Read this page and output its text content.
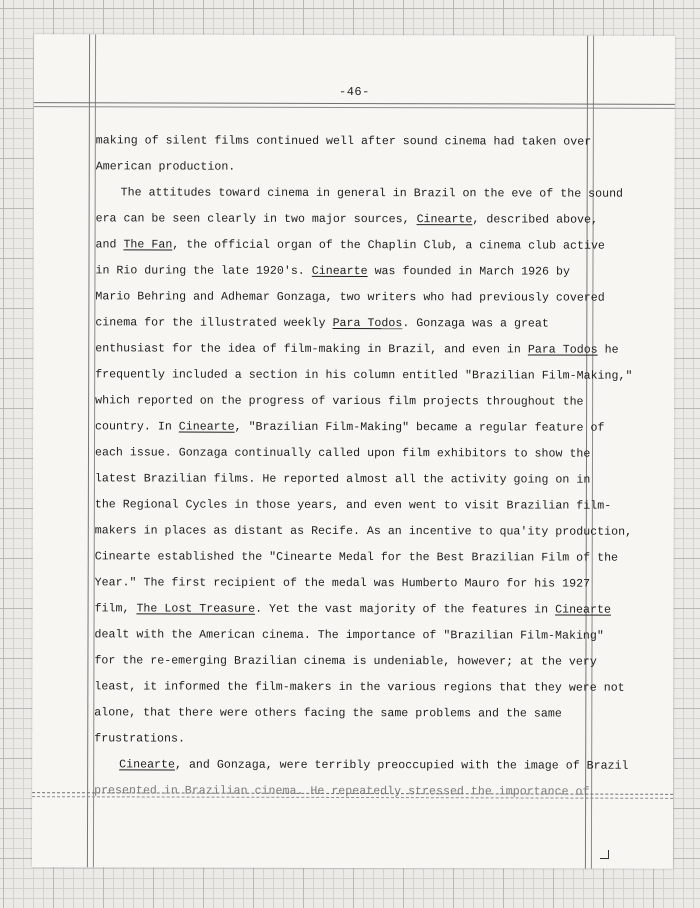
-46-
making of silent films continued well after sound cinema had taken over
American production.
The attitudes toward cinema in general in Brazil on the eve of the sound
era can be seen clearly in two major sources, Cinearte, described above,
and The Fan, the official organ of the Chaplin Club, a cinema club active
in Rio during the late 1920's. Cinearte was founded in March 1926 by
Mario Behring and Adhemar Gonzaga, two writers who had previously covered
cinema for the illustrated weekly Para Todos. Gonzaga was a great
enthusiast for the idea of film-making in Brazil, and even in Para Todos he
frequently included a section in his column entitled "Brazilian Film-Making,"
which reported on the progress of various film projects throughout the
country. In Cinearte, "Brazilian Film-Making" became a regular feature of
each issue. Gonzaga continually called upon film exhibitors to show the
latest Brazilian films. He reported almost all the activity going on in
the Regional Cycles in those years, and even went to visit Brazilian film-
makers in places as distant as Recife. As an incentive to qua'ity production,
Cinearte established the "Cinearte Medal for the Best Brazilian Film of the
Year." The first recipient of the medal was Humberto Mauro for his 1927
film, The Lost Treasure. Yet the vast majority of the features in Cinearte
dealt with the American cinema. The importance of "Brazilian Film-Making"
for the re-emerging Brazilian cinema is undeniable, however; at the very
least, it informed the film-makers in the various regions that they were not
alone, that there were others facing the same problems and the same
frustrations.
Cinearte, and Gonzaga, were terribly preoccupied with the image of Brazil
presented in Brazilian cinema. He repeatedly stressed the importance of
